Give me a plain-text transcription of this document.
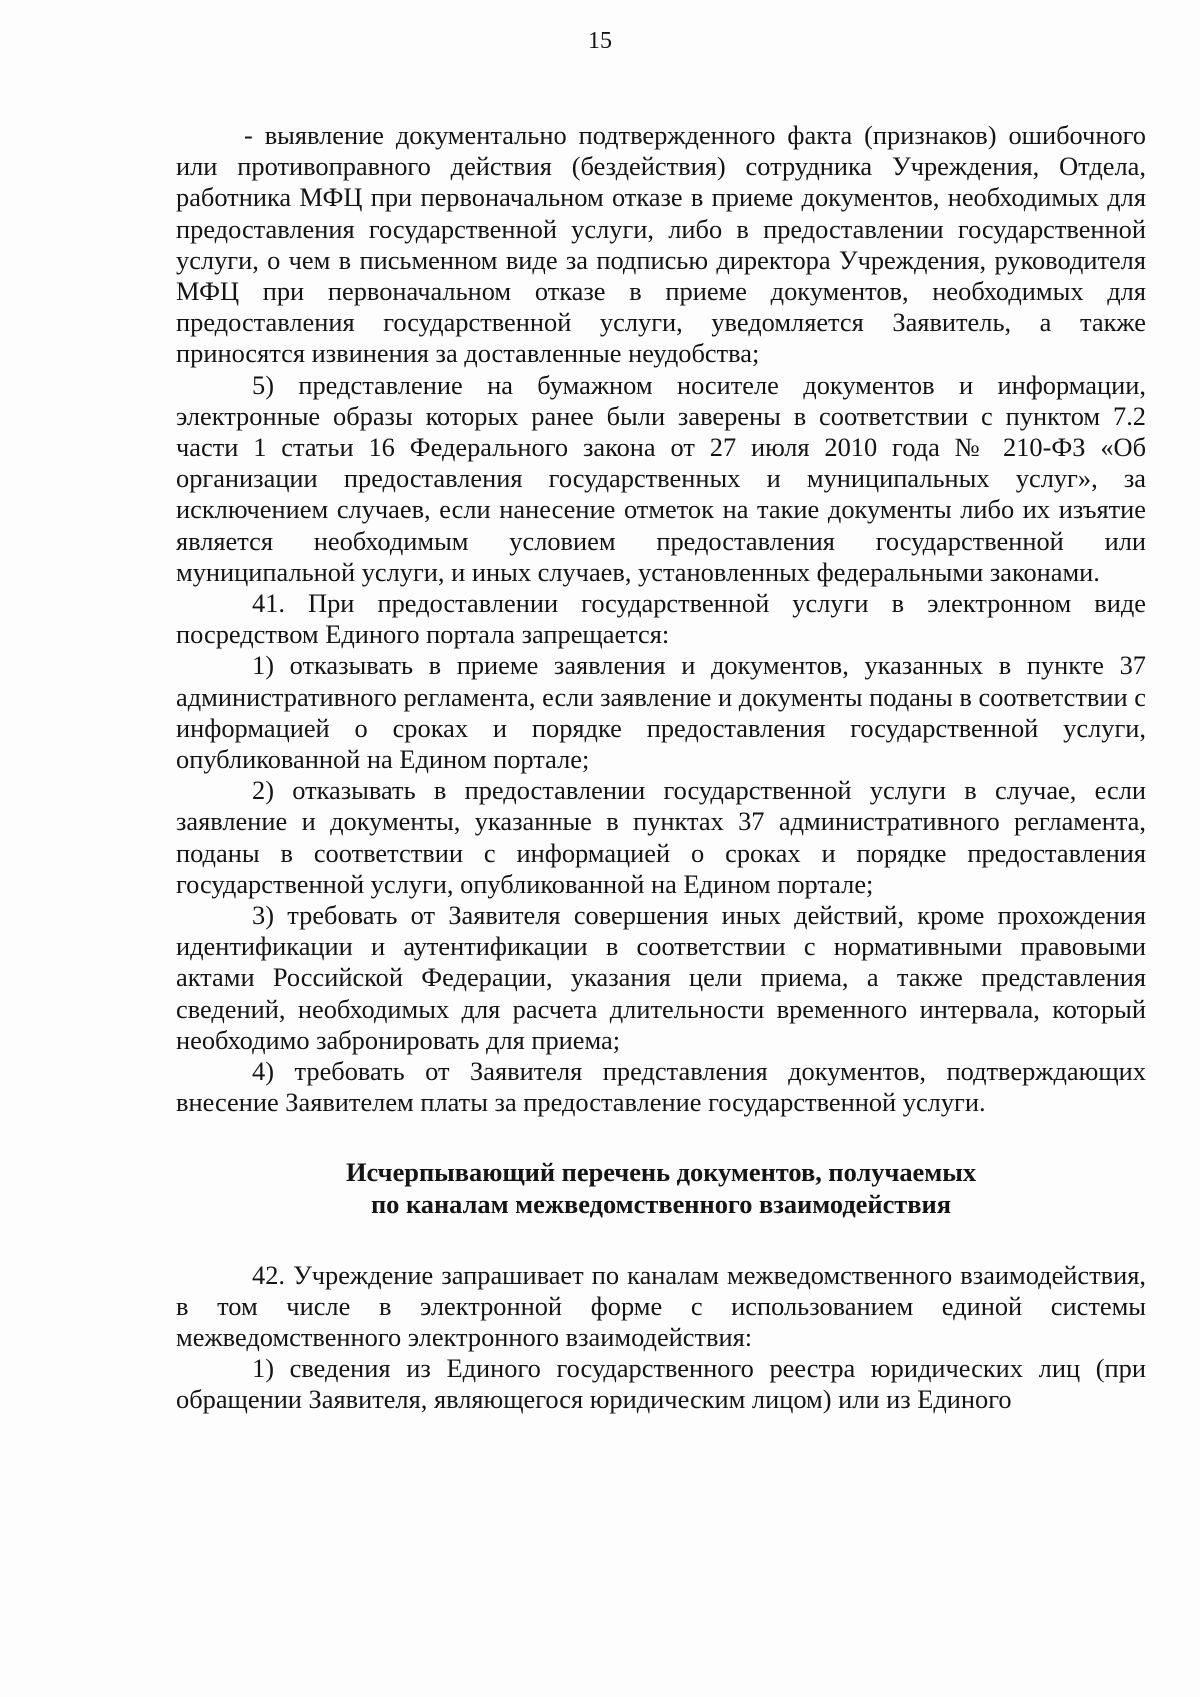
15

- выявление документально подтвержденного факта (признаков) ошибочного или противоправного действия (бездействия) сотрудника Учреждения, Отдела, работника МФЦ при первоначальном отказе в приеме документов, необходимых для предоставления государственной услуги, либо в предоставлении государственной услуги, о чем в письменном виде за подписью директора Учреждения, руководителя МФЦ при первоначальном отказе в приеме документов, необходимых для предоставления государственной услуги, уведомляется Заявитель, а также приносятся извинения за доставленные неудобства;

5) представление на бумажном носителе документов и информации, электронные образы которых ранее были заверены в соответствии с пунктом 7.2 части 1 статьи 16 Федерального закона от 27 июля 2010 года № 210-ФЗ «Об организации предоставления государственных и муниципальных услуг», за исключением случаев, если нанесение отметок на такие документы либо их изъятие является необходимым условием предоставления государственной или муниципальной услуги, и иных случаев, установленных федеральными законами.

41. При предоставлении государственной услуги в электронном виде посредством Единого портала запрещается:

1) отказывать в приеме заявления и документов, указанных в пункте 37 административного регламента, если заявление и документы поданы в соответствии с информацией о сроках и порядке предоставления государственной услуги, опубликованной на Едином портале;

2) отказывать в предоставлении государственной услуги в случае, если заявление и документы, указанные в пунктах 37 административного регламента, поданы в соответствии с информацией о сроках и порядке предоставления государственной услуги, опубликованной на Едином портале;

3) требовать от Заявителя совершения иных действий, кроме прохождения идентификации и аутентификации в соответствии с нормативными правовыми актами Российской Федерации, указания цели приема, а также представления сведений, необходимых для расчета длительности временного интервала, который необходимо забронировать для приема;

4) требовать от Заявителя представления документов, подтверждающих внесение Заявителем платы за предоставление государственной услуги.

Исчерпывающий перечень документов, получаемых
по каналам межведомственного взаимодействия

42. Учреждение запрашивает по каналам межведомственного взаимодействия, в том числе в электронной форме с использованием единой системы межведомственного электронного взаимодействия:

1) сведения из Единого государственного реестра юридических лиц (при обращении Заявителя, являющегося юридическим лицом) или из Единого
